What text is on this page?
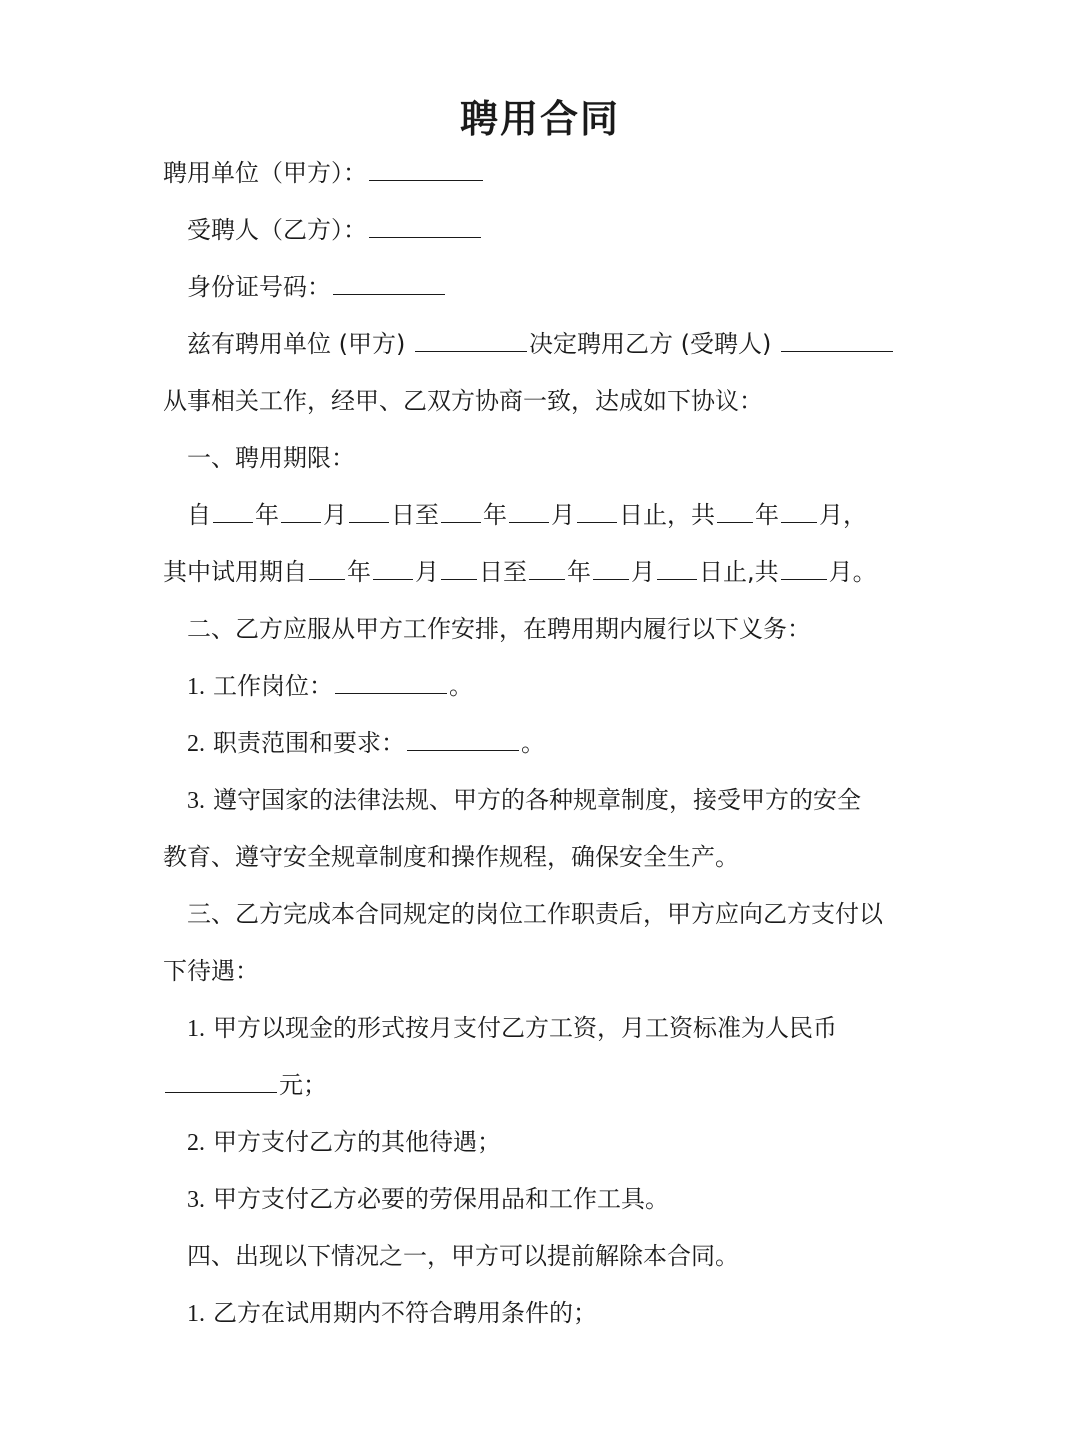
聘用合同
聘用单位（甲方）：
受聘人（乙方）：
身份证号码：
兹有聘用单位 (甲方)	决定聘用乙方 (受聘人)
从事相关工作，经甲、乙双方协商一致，达成如下协议：
一、聘用期限：
自 年 月 日至 年 月 日止，共 年 月，
其中试用期自 年 月 日至 年 月 日止,共 月。
二、乙方应服从甲方工作安排，在聘用期内履行以下义务：
1. 工作岗位：	。
2. 职责范围和要求：	。
3. 遵守国家的法律法规、甲方的各种规章制度，接受甲方的安全
教育、遵守安全规章制度和操作规程，确保安全生产。
三、乙方完成本合同规定的岗位工作职责后，甲方应向乙方支付以
下待遇：
1. 甲方以现金的形式按月支付乙方工资，月工资标准为人民币
元；
2. 甲方支付乙方的其他待遇；
3. 甲方支付乙方必要的劳保用品和工作工具。
四、出现以下情况之一，甲方可以提前解除本合同。
1. 乙方在试用期内不符合聘用条件的；
